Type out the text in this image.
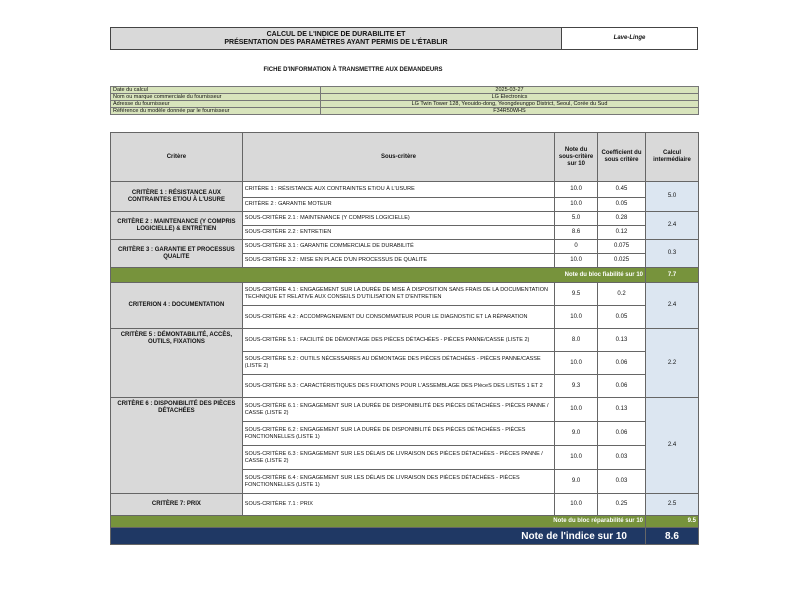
CALCUL DE L'INDICE DE DURABILITE ET
PRÉSENTATION DES PARAMÈTRES AYANT PERMIS DE L'ÉTABLIR
	Lave-Linge
FICHE D'INFORMATION À TRANSMETTRE AUX DEMANDEURS
Date du calcul	2025-03-27
Nom ou marque commerciale du fournisseur	LG Electronics
Adresse du fournisseur	LG Twin Tower 128, Yeouido-dong, Yeongdeungpo District, Seoul, Corée du Sud
Référence du modèle donnée par le fournisseur	F34R50WHS
Critère	Sous-critère	Note du sous-critère sur 10	Coefficient du sous critère	Calcul intermédiaire
CRITÈRE 1 : RÉSISTANCE AUX CONTRAINTES ET/OU À L'USURE	CRITÈRE 1 : RÉSISTANCE AUX CONTRAINTES ET/OU À L'USURE	10.0	0.45	5.0
	CRITÈRE 2 : GARANTIE MOTEUR	10.0	0.05	
CRITÈRE 2 : MAINTENANCE (Y COMPRIS LOGICIELLE) & ENTRETIEN	SOUS-CRITÈRE 2.1 : MAINTENANCE (Y COMPRIS LOGICIELLE)	5.0	0.28	2.4
	SOUS-CRITÈRE 2.2 : ENTRETIEN	8.6	0.12	
CRITÈRE 3 : GARANTIE ET PROCESSUS QUALITE	SOUS-CRITÈRE 3.1 : GARANTIE COMMERCIALE DE DURABILITÉ	0	0.075	0.3
	SOUS-CRITÈRE 3.2 : MISE EN PLACE D'UN PROCESSUS DE QUALITE	10.0	0.025	
Note du bloc fiabilité sur 10				7.7
CRITERION 4 : DOCUMENTATION	SOUS-CRITÈRE 4.1 : ENGAGEMENT SUR LA DURÉE DE MISE À DISPOSITION SANS FRAIS DE LA DOCUMENTATION TECHNIQUE ET RELATIVE AUX CONSEILS D'UTILISATION ET D'ENTRETIEN	9.5	0.2	2.4
	SOUS-CRITÈRE 4.2 : ACCOMPAGNEMENT DU CONSOMMATEUR POUR LE DIAGNOSTIC ET LA RÉPARATION	10.0	0.05	
CRITÈRE 5 : DÉMONTABILITÉ, ACCÈS, OUTILS, FIXATIONS	SOUS-CRITÈRE 5.1 : FACILITÉ DE DÉMONTAGE DES PIÈCES DÉTACHÉES - PIÈCES PANNE/CASSE (LISTE 2)	8.0	0.13	2.2
	SOUS-CRITÈRE 5.2 : OUTILS NÉCESSAIRES AU DÉMONTAGE DES PIÈCES DÉTACHÉES - PIÈCES PANNE/CASSE (LISTE 2)	10.0	0.06	
	SOUS-CRITÈRE 5.3 : CARACTÉRISTIQUES DES FIXATIONS POUR L'ASSEMBLAGE DES PIèceS DES LISTES 1 ET 2	9.3	0.06	
CRITÈRE 6 : DISPONIBILITÉ DES PIÈCES DÉTACHÉES	SOUS-CRITÈRE 6.1 : ENGAGEMENT SUR LA DURÉE DE DISPONIBILITÉ DES PIÈCES DÉTACHÉES - PIÈCES PANNE / CASSE (LISTE 2)	10.0	0.13	2.4
	SOUS-CRITÈRE 6.2 : ENGAGEMENT SUR LA DURÉE DE DISPONIBILITÉ DES PIÈCES DÉTACHÉES - PIÈCES FONCTIONNELLES (LISTE 1)	9.0	0.06	
	SOUS-CRITÈRE 6.3 : ENGAGEMENT SUR LES DÉLAIS DE LIVRAISON DES PIÈCES DÉTACHÉES - PIÈCES PANNE / CASSE (LISTE 2)	10.0	0.03	
	SOUS-CRITÈRE 6.4 : ENGAGEMENT SUR LES DÉLAIS DE LIVRAISON DES PIÈCES DÉTACHÉES - PIÈCES FONCTIONNELLES (LISTE 1)	9.0	0.03	
CRITÈRE 7: PRIX	SOUS-CRITÈRE 7.1 : PRIX	10.0	0.25	2.5
Note du bloc réparabilité sur 10				9.5
Note de l'indice sur 10				8.6
